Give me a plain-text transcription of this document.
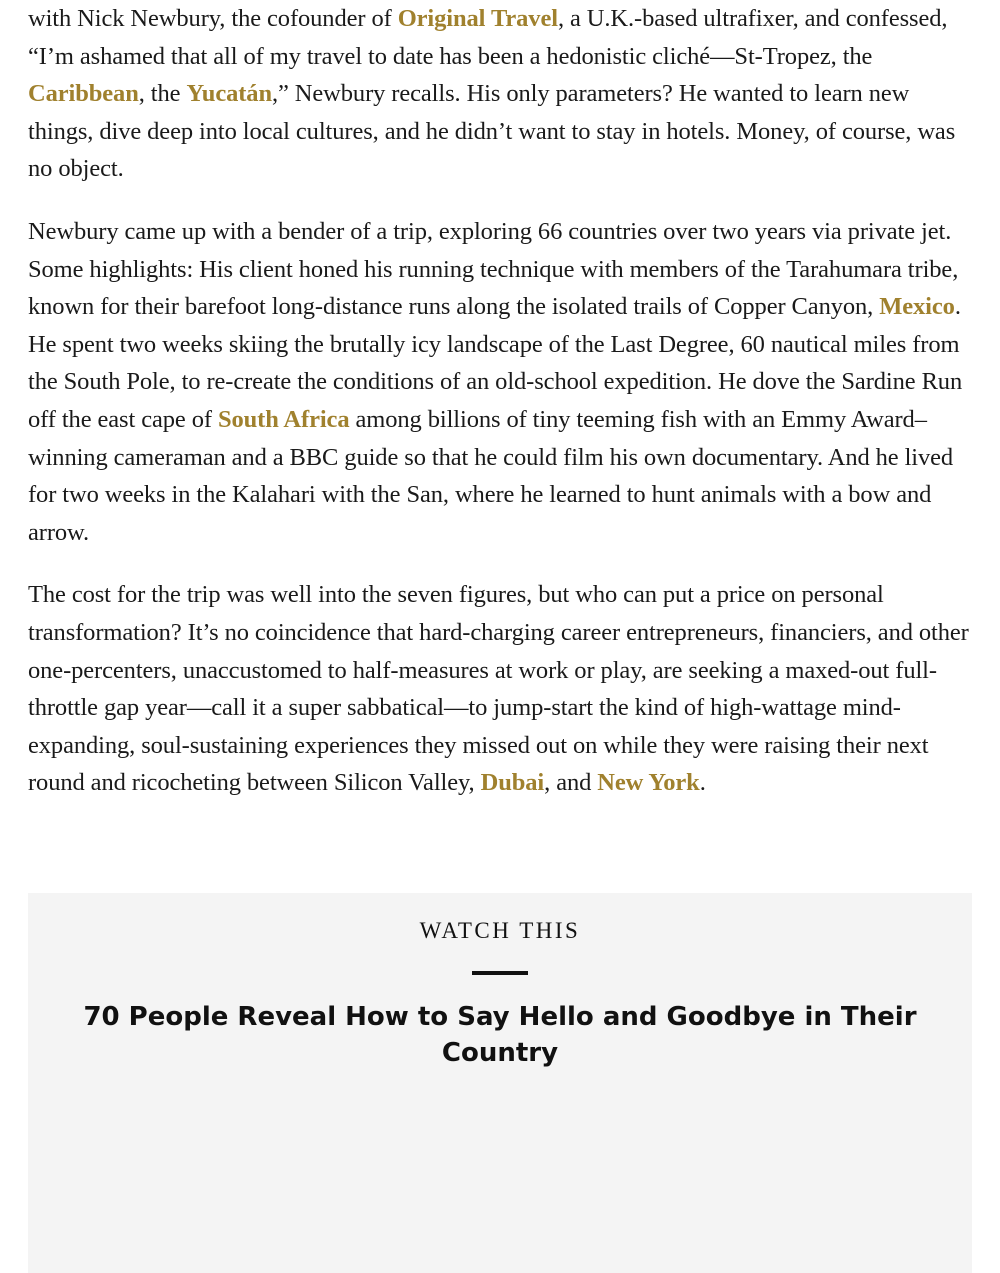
with Nick Newbury, the cofounder of Original Travel, a U.K.-based ultrafixer, and confessed, “I’m ashamed that all of my travel to date has been a hedonistic cliché—St-Tropez, the Caribbean, the Yucatán,” Newbury recalls. His only parameters? He wanted to learn new things, dive deep into local cultures, and he didn’t want to stay in hotels. Money, of course, was no object.

Newbury came up with a bender of a trip, exploring 66 countries over two years via private jet. Some highlights: His client honed his running technique with members of the Tarahumara tribe, known for their barefoot long-distance runs along the isolated trails of Copper Canyon, Mexico. He spent two weeks skiing the brutally icy landscape of the Last Degree, 60 nautical miles from the South Pole, to re-create the conditions of an old-school expedition. He dove the Sardine Run off the east cape of South Africa among billions of tiny teeming fish with an Emmy Award–winning cameraman and a BBC guide so that he could film his own documentary. And he lived for two weeks in the Kalahari with the San, where he learned to hunt animals with a bow and arrow.

The cost for the trip was well into the seven figures, but who can put a price on personal transformation? It’s no coincidence that hard-charging career entrepreneurs, financiers, and other one-percenters, unaccustomed to half-measures at work or play, are seeking a maxed-out full-throttle gap year—call it a super sabbatical—to jump-start the kind of high-wattage mind-expanding, soul-sustaining experiences they missed out on while they were raising their next round and ricocheting between Silicon Valley, Dubai, and New York.

WATCH THIS
70 People Reveal How to Say Hello and Goodbye in Their Country
